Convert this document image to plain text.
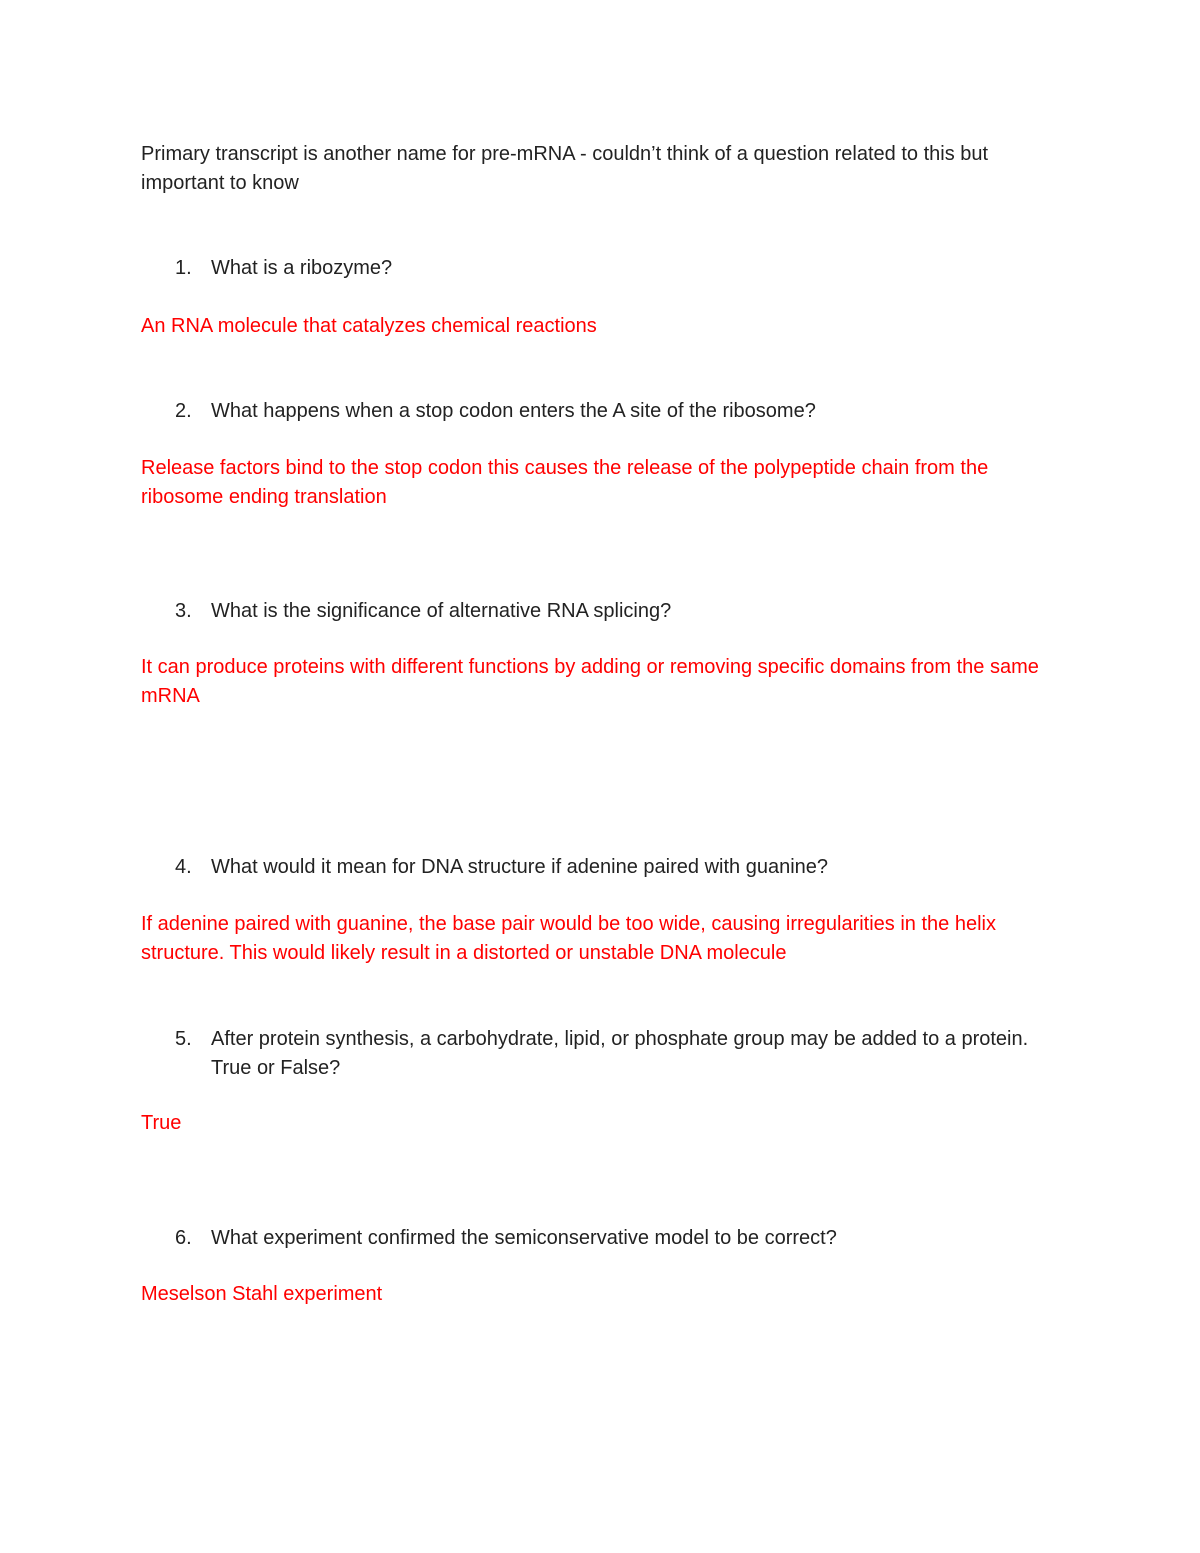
Primary transcript is another name for pre-mRNA - couldn’t think of a question related to this but important to know

1. What is a ribozyme?

An RNA molecule that catalyzes chemical reactions

2. What happens when a stop codon enters the A site of the ribosome?

Release factors bind to the stop codon this causes the release of the polypeptide chain from the ribosome ending translation

3. What is the significance of alternative RNA splicing?

It can produce proteins with different functions by adding or removing specific domains from the same mRNA

4. What would it mean for DNA structure if adenine paired with guanine?

If adenine paired with guanine, the base pair would be too wide, causing irregularities in the helix structure. This would likely result in a distorted or unstable DNA molecule

5. After protein synthesis, a carbohydrate, lipid, or phosphate group may be added to a protein. True or False?

True

6. What experiment confirmed the semiconservative model to be correct?

Meselson Stahl experiment
